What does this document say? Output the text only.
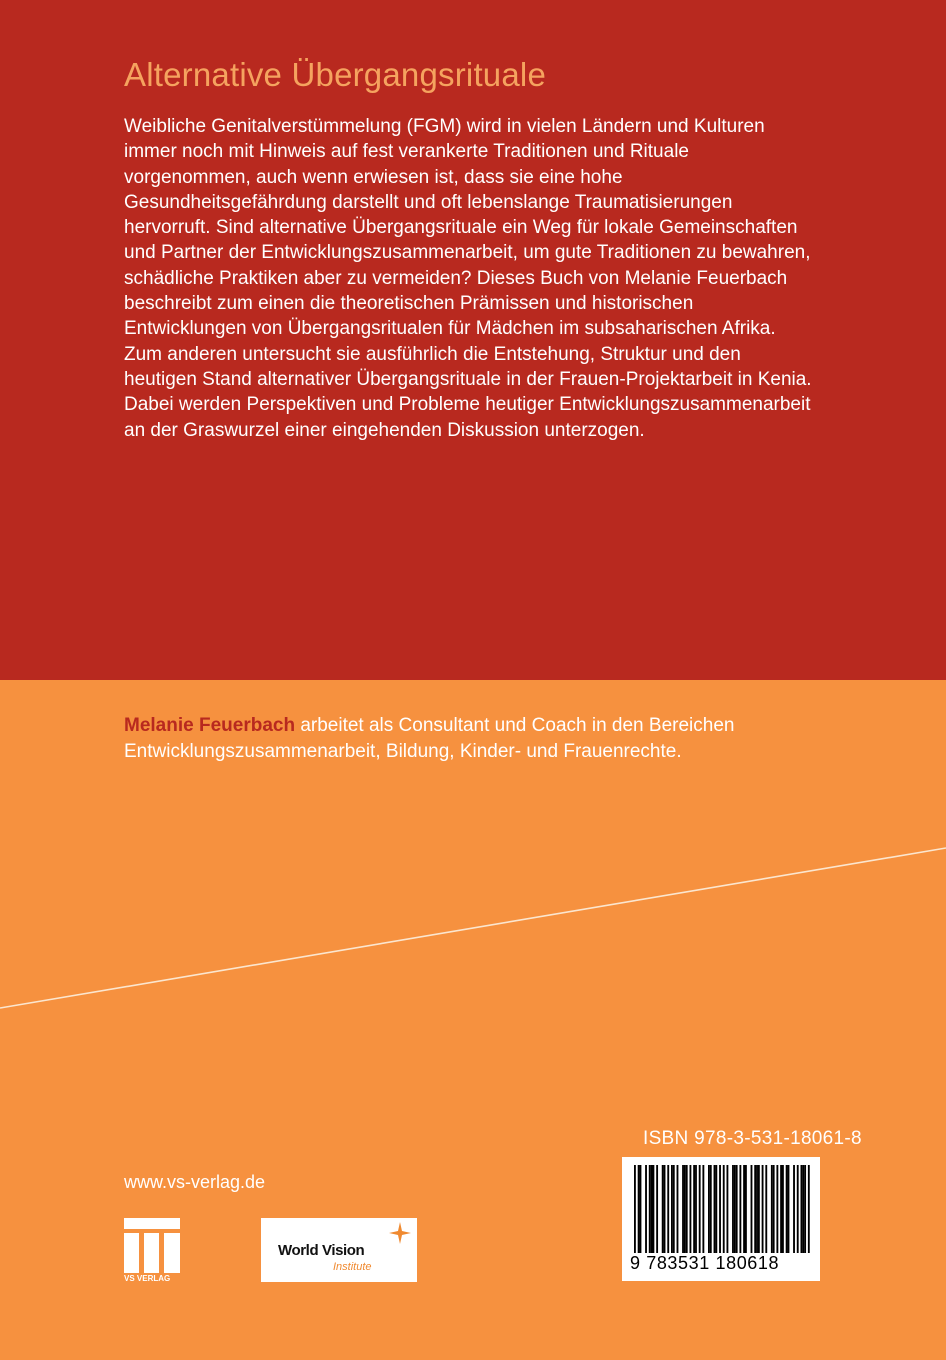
Alternative Übergangsrituale

Weibliche Genitalverstümmelung (FGM) wird in vielen Ländern und Kulturen immer noch mit Hinweis auf fest verankerte Traditionen und Rituale vorgenommen, auch wenn erwiesen ist, dass sie eine hohe Gesundheitsgefährdung darstellt und oft lebenslange Traumatisierungen hervorruft. Sind alternative Übergangsrituale ein Weg für lokale Gemeinschaften und Partner der Entwicklungszusammenarbeit, um gute Traditionen zu bewahren, schädliche Praktiken aber zu vermeiden? Dieses Buch von Melanie Feuerbach beschreibt zum einen die theoretischen Prämissen und historischen Entwicklungen von Übergangsritualen für Mädchen im subsaharischen Afrika. Zum anderen untersucht sie ausführlich die Entstehung, Struktur und den heutigen Stand alternativer Übergangsrituale in der Frauen-Projektarbeit in Kenia. Dabei werden Perspektiven und Probleme heutiger Entwicklungszusammenarbeit an der Graswurzel einer eingehenden Diskussion unterzogen.

Melanie Feuerbach arbeitet als Consultant und Coach in den Bereichen Entwicklungszusammenarbeit, Bildung, Kinder- und Frauenrechte.

www.vs-verlag.de
VS VERLAG
World Vision
Institute
ISBN 978-3-531-18061-8
9 783531 180618
